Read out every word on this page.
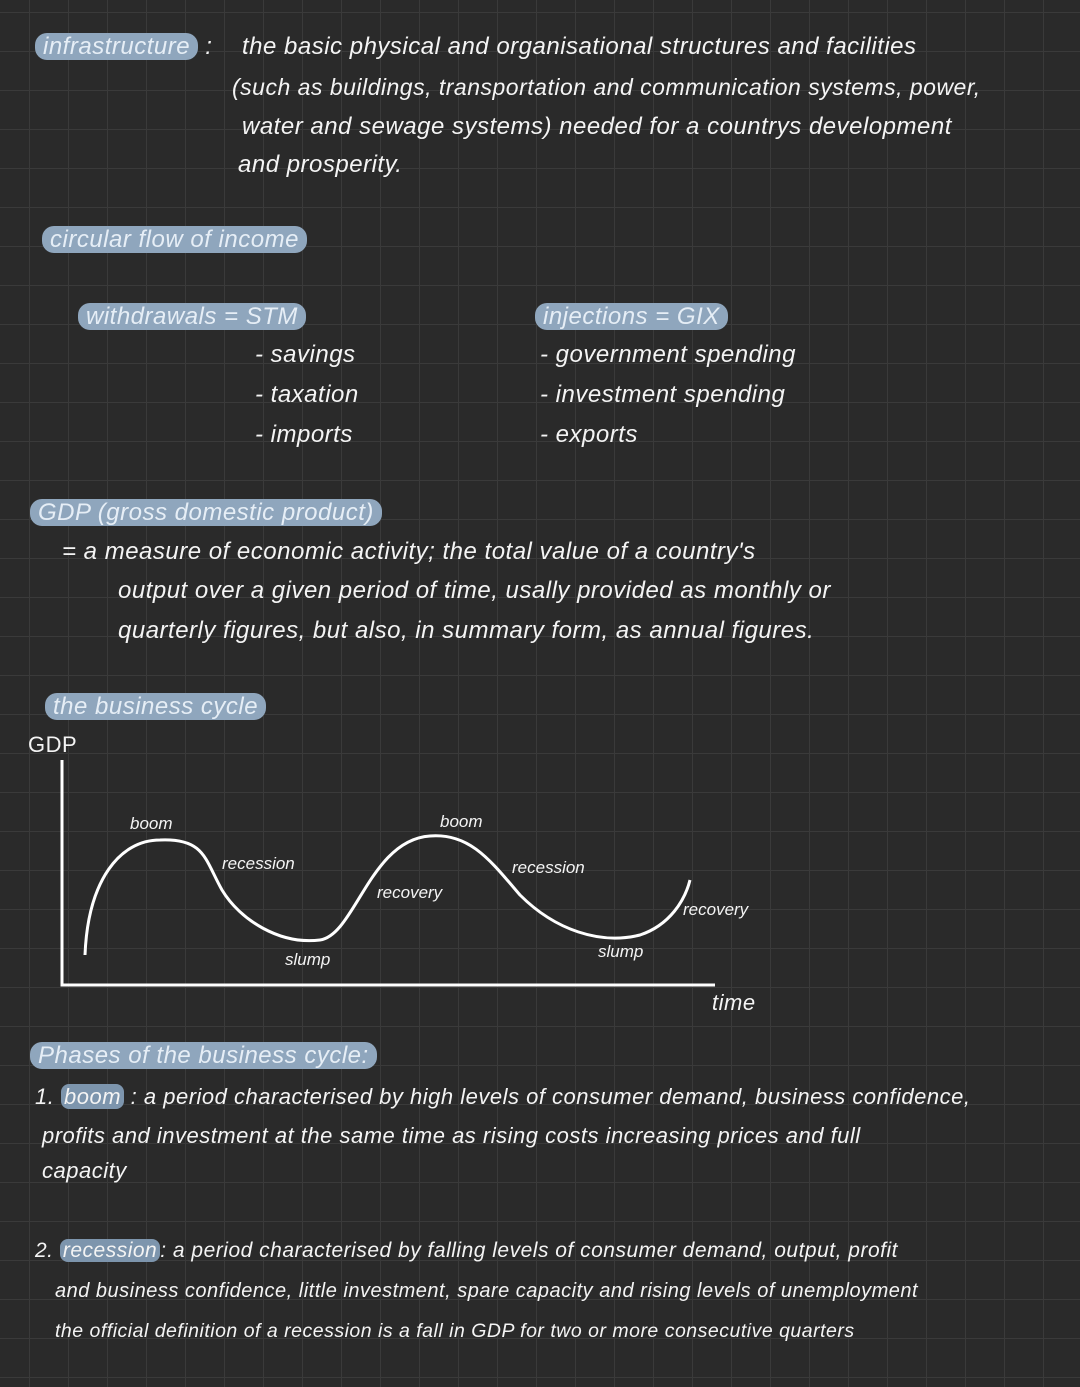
infrastructure : the basic physical and organisational structures and facilities
(such as buildings, transportation and communication systems, power,
water and sewage systems) needed for a countrys development
and prosperity.
circular flow of income
withdrawals = STM
- savings
- taxation
- imports
injections = GIX
- government spending
- investment spending
- exports
GDP (gross domestic product)
= a measure of economic activity; the total value of a country's
output over a given period of time, usally provided as monthly or
quarterly figures, but also, in summary form, as annual figures.
the business cycle
GDP
boom
recession
slump
recovery
boom
recession
slump
recovery
time
Phases of the business cycle:
1. boom : a period characterised by high levels of consumer demand, business confidence,
profits and investment at the same time as rising costs increasing prices and full
capacity
2. recession : a period characterised by falling levels of consumer demand, output, profit
and business confidence, little investment, spare capacity and rising levels of unemployment
the official definition of a recession is a fall in GDP for two or more consecutive quarters
